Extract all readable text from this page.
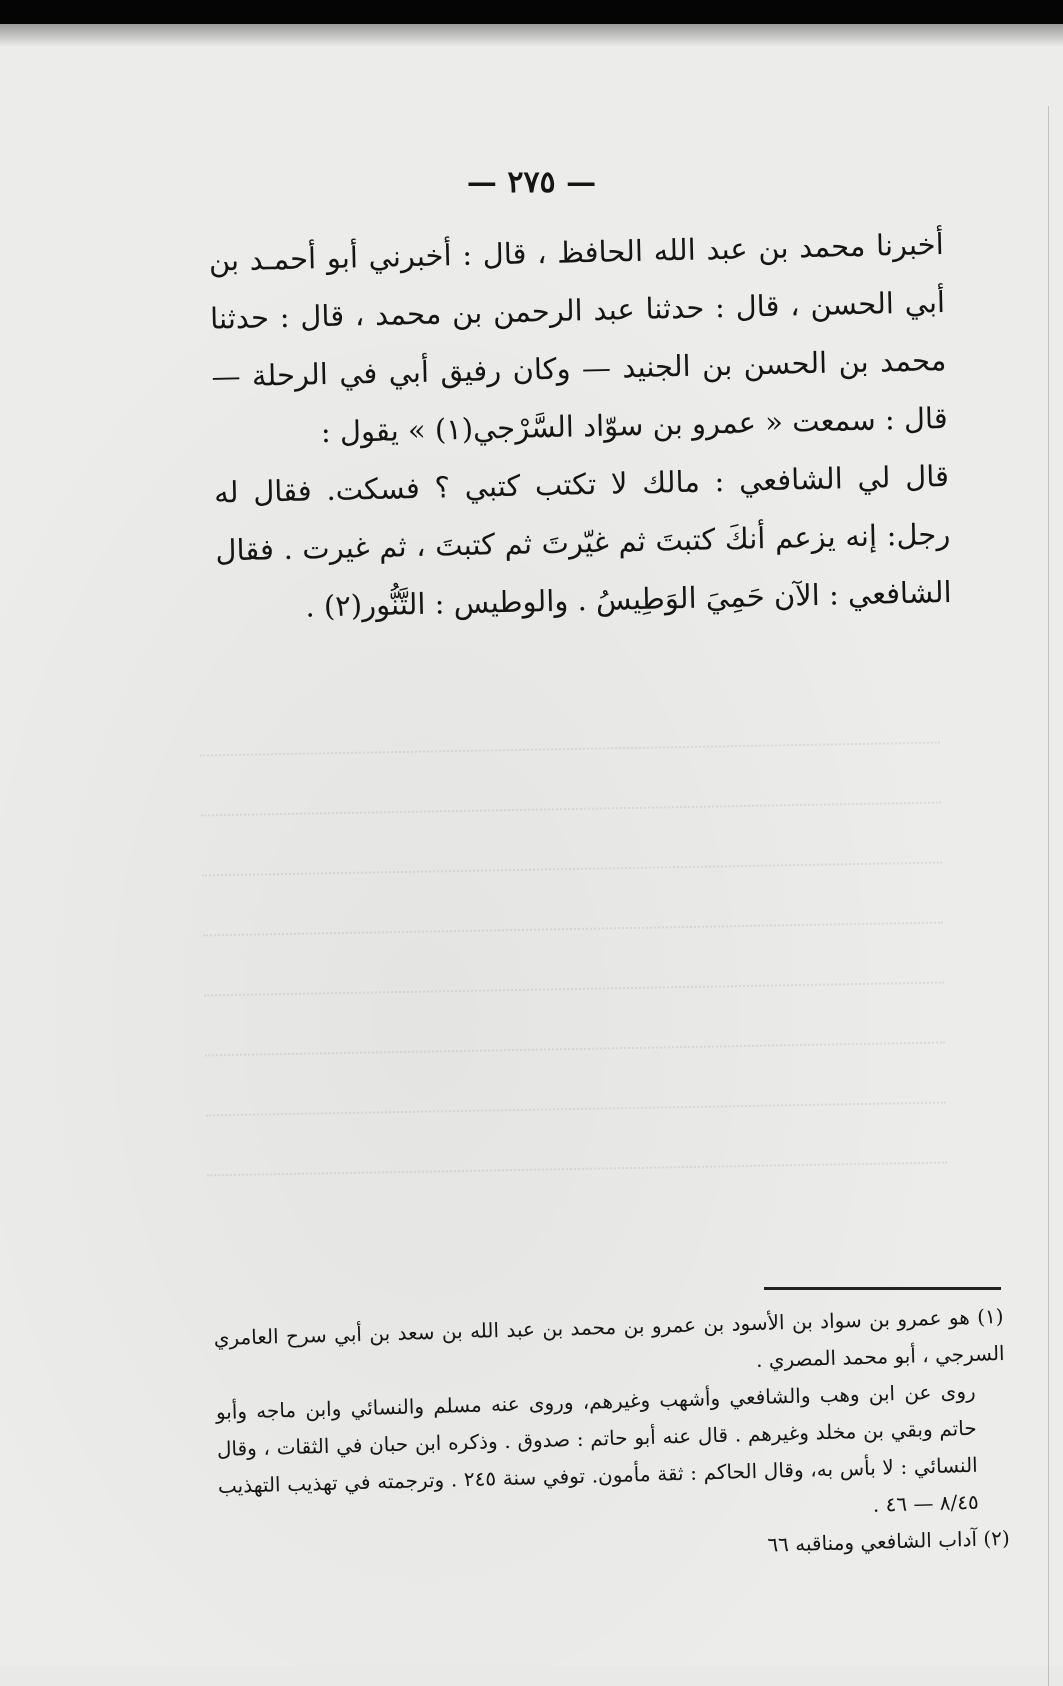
— ٢٧٥ —

أخبرنا محمد بن عبد الله الحافظ ، قال : أخبرني أبو أحمـد بن أبي الحسن ، قال : حدثنا عبد الرحمن بن محمد ، قال : حدثنا محمد بن الحسن بن الجنيد — وكان رفيق أبي في الرحلة — قال : سمعت « عمرو بن سوّاد السَّرْجي(١) » يقول :

قال لي الشافعي : مالك لا تكتب كتبي ؟ فسكت. فقال له رجل: إنه يزعم أنكَ كتبتَ ثم غيّرتَ ثم كتبتَ ، ثم غيرت . فقال الشافعي : الآن حَمِيَ الوَطِيسُ . والوطيس : التَّنُّور(٢) .

(١) هو عمرو بن سواد بن الأسود بن عمرو بن محمد بن عبد الله بن سعد بن أبي سرح العامري السرجي ، أبو محمد المصري .

روى عن ابن وهب والشافعي وأشهب وغيرهم، وروى عنه مسلم والنسائي وابن ماجه وأبو حاتم وبقي بن مخلد وغيرهم . قال عنه أبو حاتم : صدوق . وذكره ابن حبان في الثقات ، وقال النسائي : لا بأس به، وقال الحاكم : ثقة مأمون. توفي سنة ٢٤٥ . وترجمته في تهذيب التهذيب ٨/٤٥ — ٤٦ .

(٢) آداب الشافعي ومناقبه ٦٦
